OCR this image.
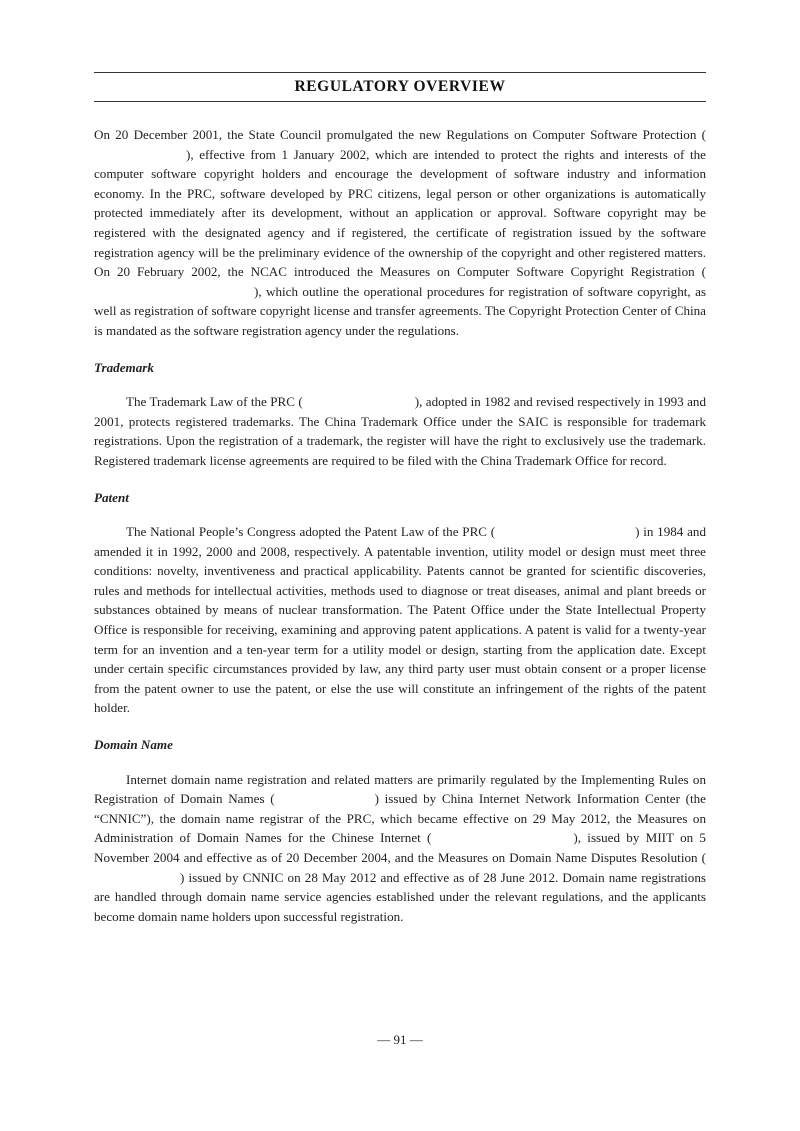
REGULATORY OVERVIEW

On 20 December 2001, the State Council promulgated the new Regulations on Computer Software Protection (), effective from 1 January 2002, which are intended to protect the rights and interests of the computer software copyright holders and encourage the development of software industry and information economy. In the PRC, software developed by PRC citizens, legal person or other organizations is automatically protected immediately after its development, without an application or approval. Software copyright may be registered with the designated agency and if registered, the certificate of registration issued by the software registration agency will be the preliminary evidence of the ownership of the copyright and other registered matters. On 20 February 2002, the NCAC introduced the Measures on Computer Software Copyright Registration (), which outline the operational procedures for registration of software copyright, as well as registration of software copyright license and transfer agreements. The Copyright Protection Center of China is mandated as the software registration agency under the regulations.

Trademark

The Trademark Law of the PRC (	), adopted in 1982 and revised respectively in 1993 and 2001, protects registered trademarks. The China Trademark Office under the SAIC is responsible for trademark registrations. Upon the registration of a trademark, the register will have the right to exclusively use the trademark. Registered trademark license agreements are required to be filed with the China Trademark Office for record.

Patent

The National People’s Congress adopted the Patent Law of the PRC (	) in 1984 and amended it in 1992, 2000 and 2008, respectively. A patentable invention, utility model or design must meet three conditions: novelty, inventiveness and practical applicability. Patents cannot be granted for scientific discoveries, rules and methods for intellectual activities, methods used to diagnose or treat diseases, animal and plant breeds or substances obtained by means of nuclear transformation. The Patent Office under the State Intellectual Property Office is responsible for receiving, examining and approving patent applications. A patent is valid for a twenty-year term for an invention and a ten-year term for a utility model or design, starting from the application date. Except under certain specific circumstances provided by law, any third party user must obtain consent or a proper license from the patent owner to use the patent, or else the use will constitute an infringement of the rights of the patent holder.

Domain Name

Internet domain name registration and related matters are primarily regulated by the Implementing Rules on Registration of Domain Names (	) issued by China Internet Network Information Center (the “CNNIC”), the domain name registrar of the PRC, which became effective on 29 May 2012, the Measures on Administration of Domain Names for the Chinese Internet (	), issued by MIIT on 5 November 2004 and effective as of 20 December 2004, and the Measures on Domain Name Disputes Resolution () issued by CNNIC on 28 May 2012 and effective as of 28 June 2012. Domain name registrations are handled through domain name service agencies established under the relevant regulations, and the applicants become domain name holders upon successful registration.

— 91 —
